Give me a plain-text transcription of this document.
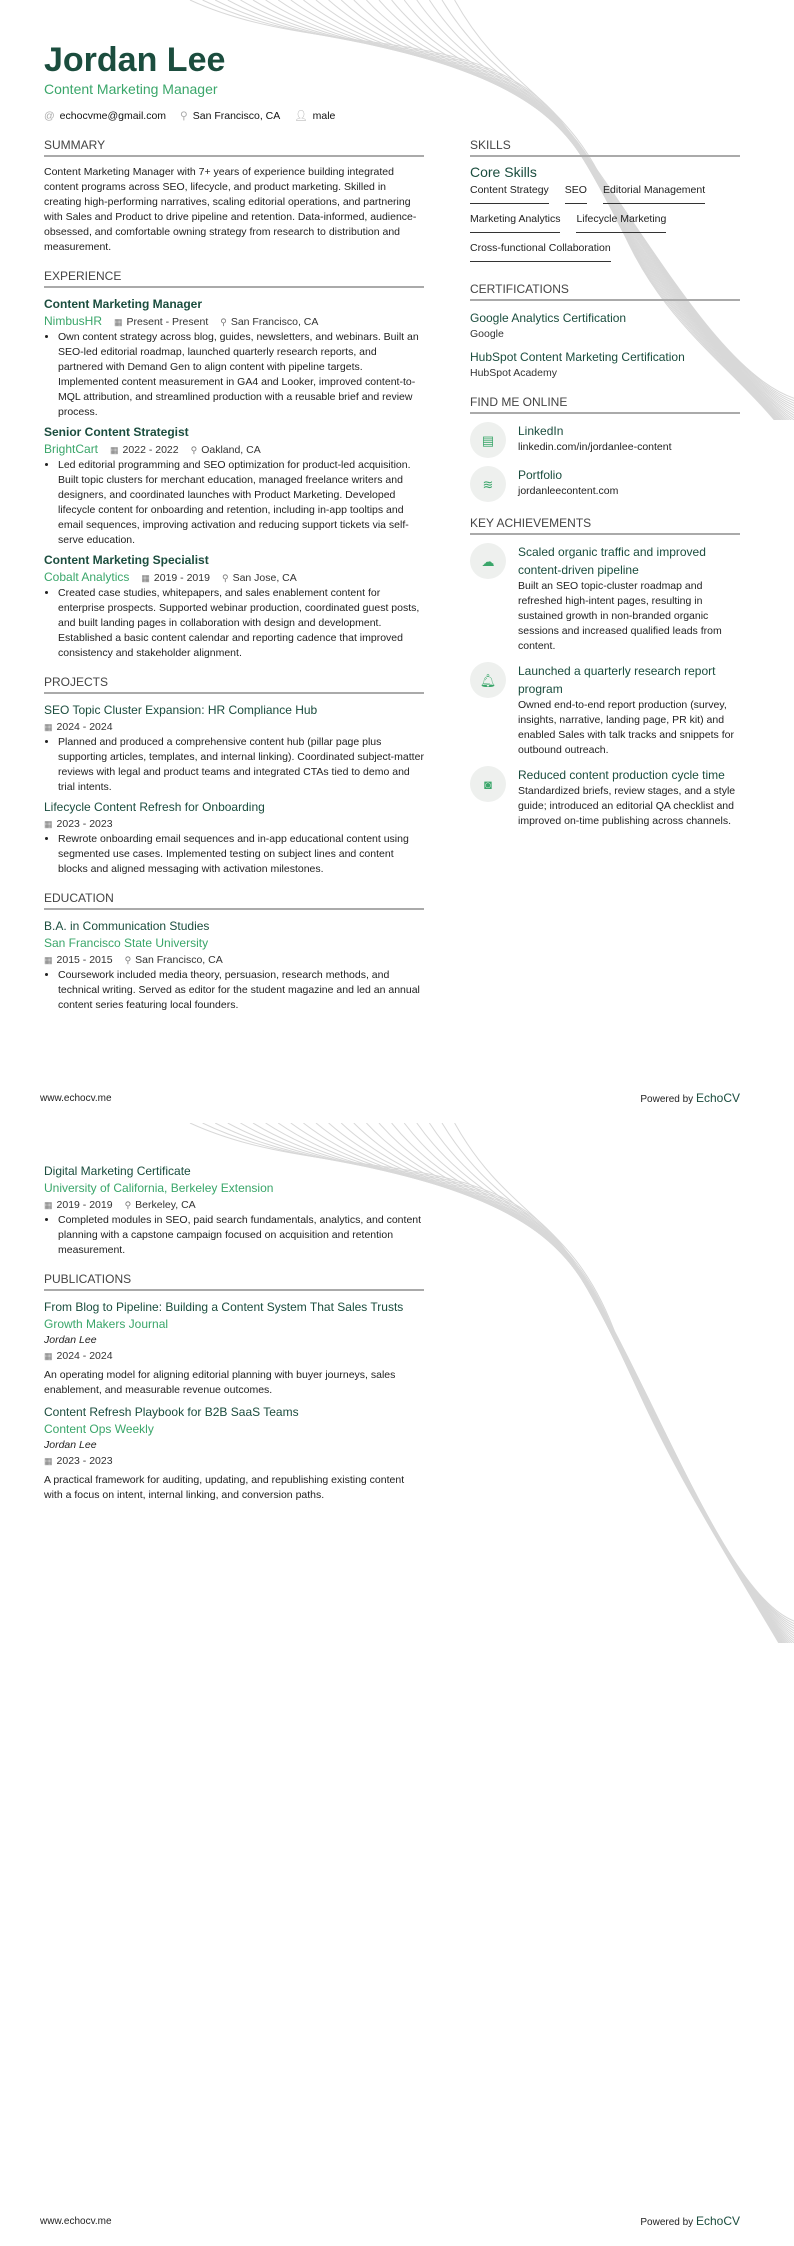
Jordan Lee
Content Marketing Manager
@ echocvme@gmail.com ⚲ San Francisco, CA 👤︎ male
SUMMARY

Content Marketing Manager with 7+ years of experience building integrated content programs across SEO, lifecycle, and product marketing. Skilled in creating high-performing narratives, scaling editorial operations, and partnering with Sales and Product to drive pipeline and retention. Data-informed, audience-obsessed, and comfortable owning strategy from research to distribution and measurement.

EXPERIENCE
Content Marketing Manager
NimbusHR ▦ Present - Present ⚲ San Francisco, CA
• Own content strategy across blog, guides, newsletters, and webinars. Built an SEO-led editorial roadmap, launched quarterly research reports, and partnered with Demand Gen to align content with pipeline targets. Implemented content measurement in GA4 and Looker, improved content-to-MQL attribution, and streamlined production with a reusable brief and review process.
Senior Content Strategist
BrightCart ▦ 2022 - 2022 ⚲ Oakland, CA
• Led editorial programming and SEO optimization for product-led acquisition. Built topic clusters for merchant education, managed freelance writers and designers, and coordinated launches with Product Marketing. Developed lifecycle content for onboarding and retention, including in-app tooltips and email sequences, improving activation and reducing support tickets via self-serve education.
Content Marketing Specialist
Cobalt Analytics ▦ 2019 - 2019 ⚲ San Jose, CA
• Created case studies, whitepapers, and sales enablement content for enterprise prospects. Supported webinar production, coordinated guest posts, and built landing pages in collaboration with design and development. Established a basic content calendar and reporting cadence that improved consistency and stakeholder alignment.
PROJECTS
SEO Topic Cluster Expansion: HR Compliance Hub
▦ 2024 - 2024
• Planned and produced a comprehensive content hub (pillar page plus supporting articles, templates, and internal linking). Coordinated subject-matter reviews with legal and product teams and integrated CTAs tied to demo and trial intents.
Lifecycle Content Refresh for Onboarding
▦ 2023 - 2023
• Rewrote onboarding email sequences and in-app educational content using segmented use cases. Implemented testing on subject lines and content blocks and aligned messaging with activation milestones.
EDUCATION
B.A. in Communication Studies
San Francisco State University
▦ 2015 - 2015 ⚲ San Francisco, CA
• Coursework included media theory, persuasion, research methods, and technical writing. Served as editor for the student magazine and led an annual content series featuring local founders.
SKILLS
Core Skills
Content Strategy SEO Editorial Management
Marketing Analytics Lifecycle Marketing
Cross-functional Collaboration
CERTIFICATIONS
Google Analytics Certification
Google
HubSpot Content Marketing Certification
HubSpot Academy
FIND ME ONLINE
▤
LinkedIn
linkedin.com/in/jordanlee-content
≋
Portfolio
jordanleecontent.com
KEY ACHIEVEMENTS
☁
Scaled organic traffic and improved content-driven pipeline
Built an SEO topic-cluster roadmap and refreshed high-intent pages, resulting in sustained growth in non-branded organic sessions and increased qualified leads from content.
🔔︎
Launched a quarterly research report program
Owned end-to-end report production (survey, insights, narrative, landing page, PR kit) and enabled Sales with talk tracks and snippets for outbound outreach.
◙
Reduced content production cycle time
Standardized briefs, review stages, and a style guide; introduced an editorial QA checklist and improved on-time publishing across channels.
www.echocv.me	Powered by EchoCV
Digital Marketing Certificate
University of California, Berkeley Extension
▦ 2019 - 2019 ⚲ Berkeley, CA
• Completed modules in SEO, paid search fundamentals, analytics, and content planning with a capstone campaign focused on acquisition and retention measurement.
PUBLICATIONS
From Blog to Pipeline: Building a Content System That Sales Trusts
Growth Makers Journal
Jordan Lee
▦ 2024 - 2024

An operating model for aligning editorial planning with buyer journeys, sales enablement, and measurable revenue outcomes.

Content Refresh Playbook for B2B SaaS Teams
Content Ops Weekly
Jordan Lee
▦ 2023 - 2023

A practical framework for auditing, updating, and republishing existing content with a focus on intent, internal linking, and conversion paths.

www.echocv.me	Powered by EchoCV
